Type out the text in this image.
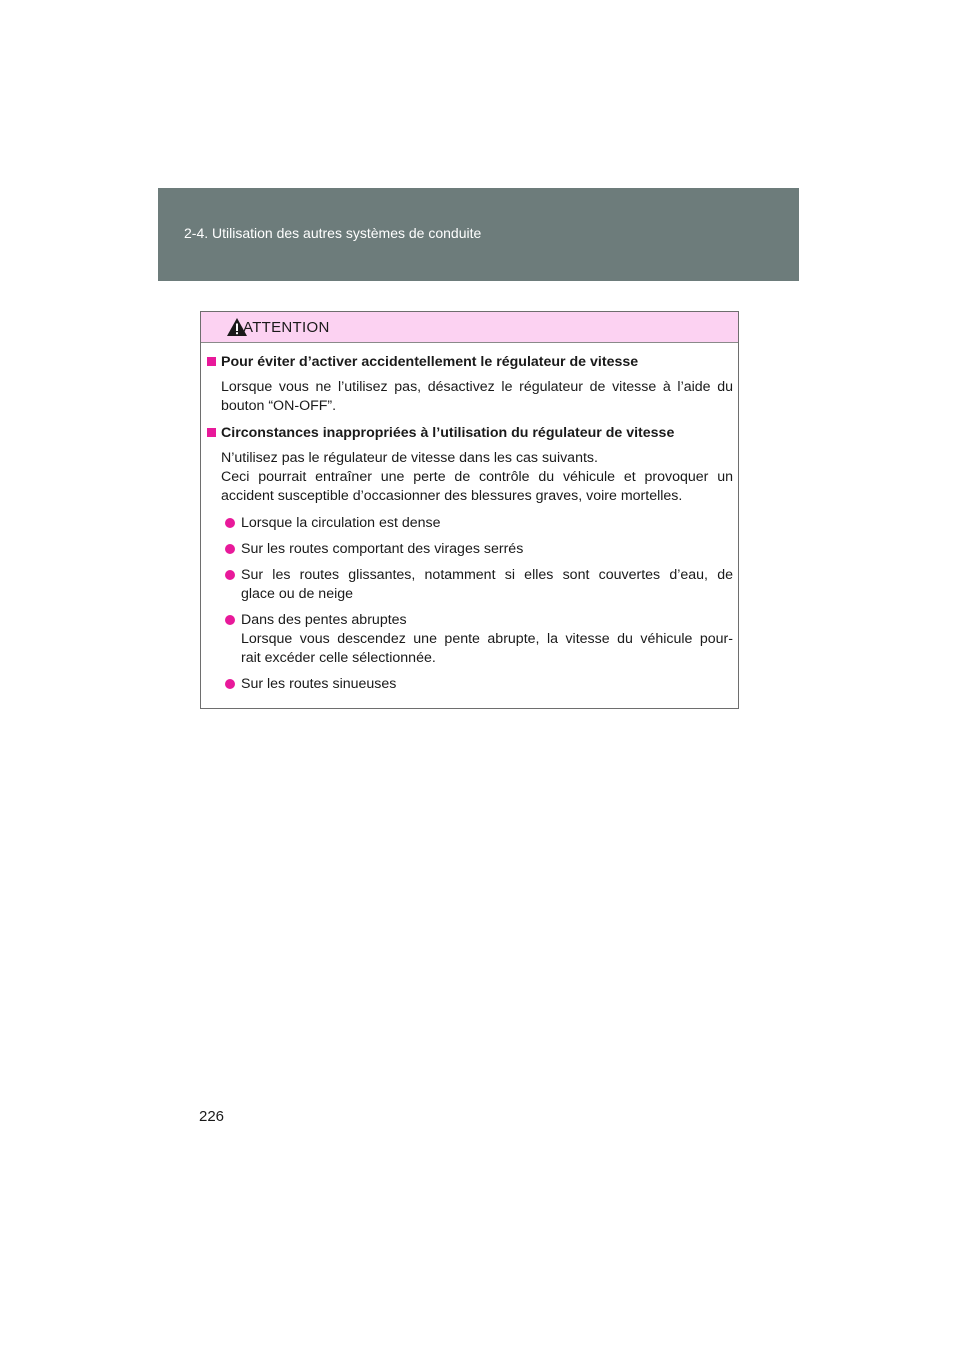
2-4. Utilisation des autres systèmes de conduite
ATTENTION
Pour éviter d’activer accidentellement le régulateur de vitesse
Lorsque vous ne l’utilisez pas, désactivez le régulateur de vitesse à l’aide du
bouton “ON-OFF”.
Circonstances inappropriées à l’utilisation du régulateur de vitesse
N’utilisez pas le régulateur de vitesse dans les cas suivants.
Ceci pourrait entraîner une perte de contrôle du véhicule et provoquer un
accident susceptible d’occasionner des blessures graves, voire mortelles.
Lorsque la circulation est dense
Sur les routes comportant des virages serrés
Sur les routes glissantes, notamment si elles sont couvertes d’eau, de
glace ou de neige
Dans des pentes abruptes
Lorsque vous descendez une pente abrupte, la vitesse du véhicule pour-
rait excéder celle sélectionnée.
Sur les routes sinueuses
226
